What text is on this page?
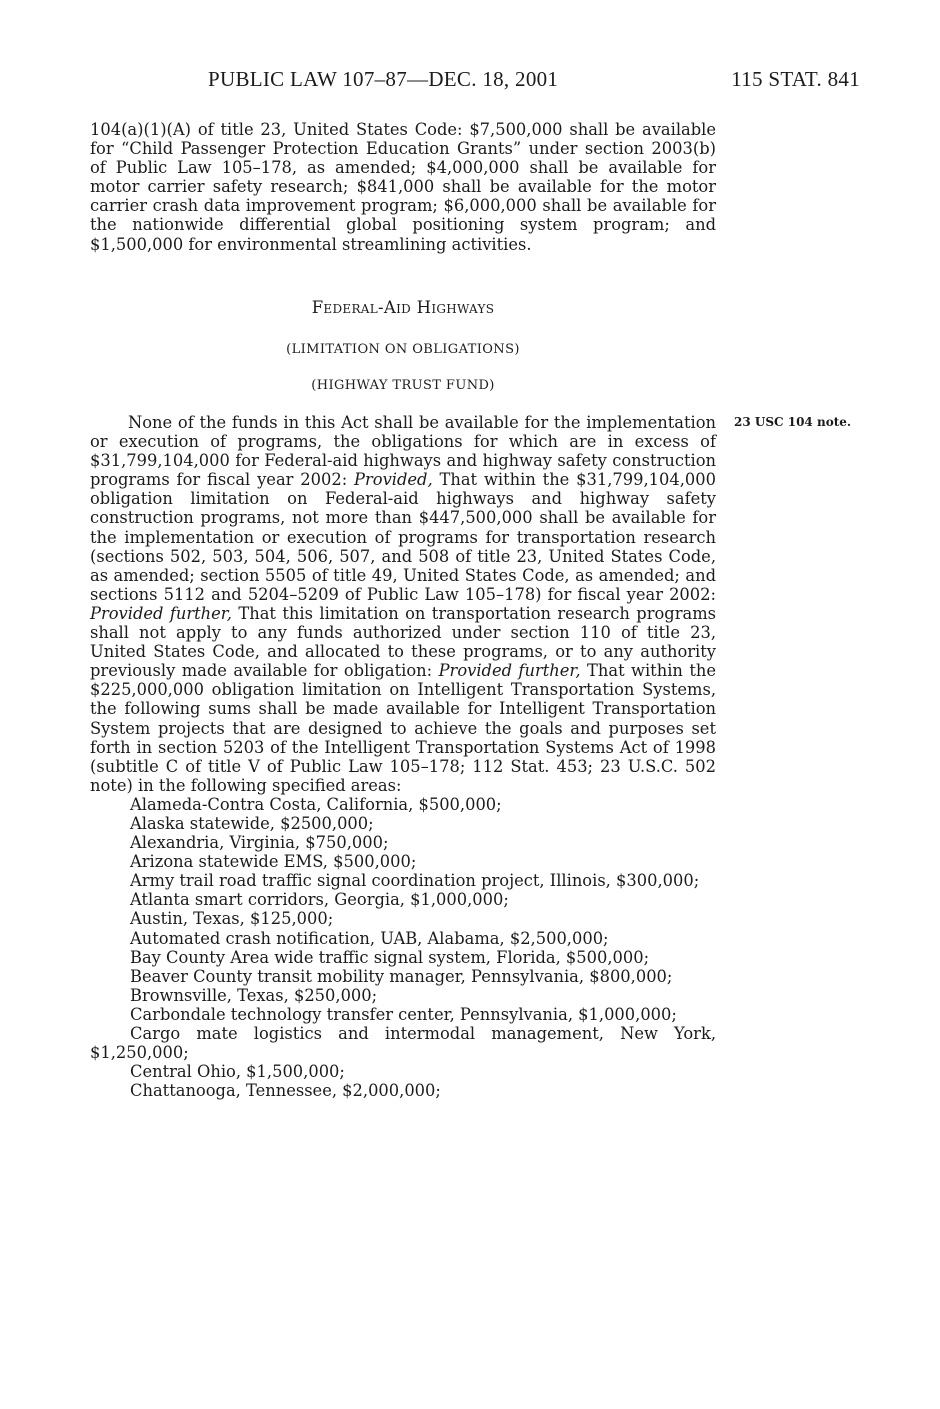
PUBLIC LAW 107–87—DEC. 18, 2001	115 STAT. 841

104(a)(1)(A) of title 23, United States Code: $7,500,000 shall be available for “Child Passenger Protection Education Grants” under section 2003(b) of Public Law 105–178, as amended; $4,000,000 shall be available for motor carrier safety research; $841,000 shall be available for the motor carrier crash data improvement program; $6,000,000 shall be available for the nationwide differential global positioning system program; and $1,500,000 for environmental streamlining activities.

Federal-Aid Highways
(LIMITATION ON OBLIGATIONS)
(HIGHWAY TRUST FUND)
23 USC 104 note.

None of the funds in this Act shall be available for the implementation or execution of programs, the obligations for which are in excess of $31,799,104,000 for Federal-aid highways and highway safety construction programs for fiscal year 2002: Provided, That within the $31,799,104,000 obligation limitation on Federal-aid highways and highway safety construction programs, not more than $447,500,000 shall be available for the implementation or execution of programs for transportation research (sections 502, 503, 504, 506, 507, and 508 of title 23, United States Code, as amended; section 5505 of title 49, United States Code, as amended; and sections 5112 and 5204–5209 of Public Law 105–178) for fiscal year 2002: Provided further, That this limitation on transportation research programs shall not apply to any funds authorized under section 110 of title 23, United States Code, and allocated to these programs, or to any authority previously made available for obligation: Provided further, That within the $225,000,000 obligation limitation on Intelligent Transportation Systems, the following sums shall be made available for Intelligent Transportation System projects that are designed to achieve the goals and purposes set forth in section 5203 of the Intelligent Transportation Systems Act of 1998 (subtitle C of title V of Public Law 105–178; 112 Stat. 453; 23 U.S.C. 502 note) in the following specified areas:

Alameda-Contra Costa, California, $500,000;
Alaska statewide, $2500,000;
Alexandria, Virginia, $750,000;
Arizona statewide EMS, $500,000;
Army trail road traffic signal coordination project, Illinois, $300,000;
Atlanta smart corridors, Georgia, $1,000,000;
Austin, Texas, $125,000;
Automated crash notification, UAB, Alabama, $2,500,000;
Bay County Area wide traffic signal system, Florida, $500,000;
Beaver County transit mobility manager, Pennsylvania, $800,000;
Brownsville, Texas, $250,000;
Carbondale technology transfer center, Pennsylvania, $1,000,000;
Cargo mate logistics and intermodal management, New York, $1,250,000;
Central Ohio, $1,500,000;
Chattanooga, Tennessee, $2,000,000;
